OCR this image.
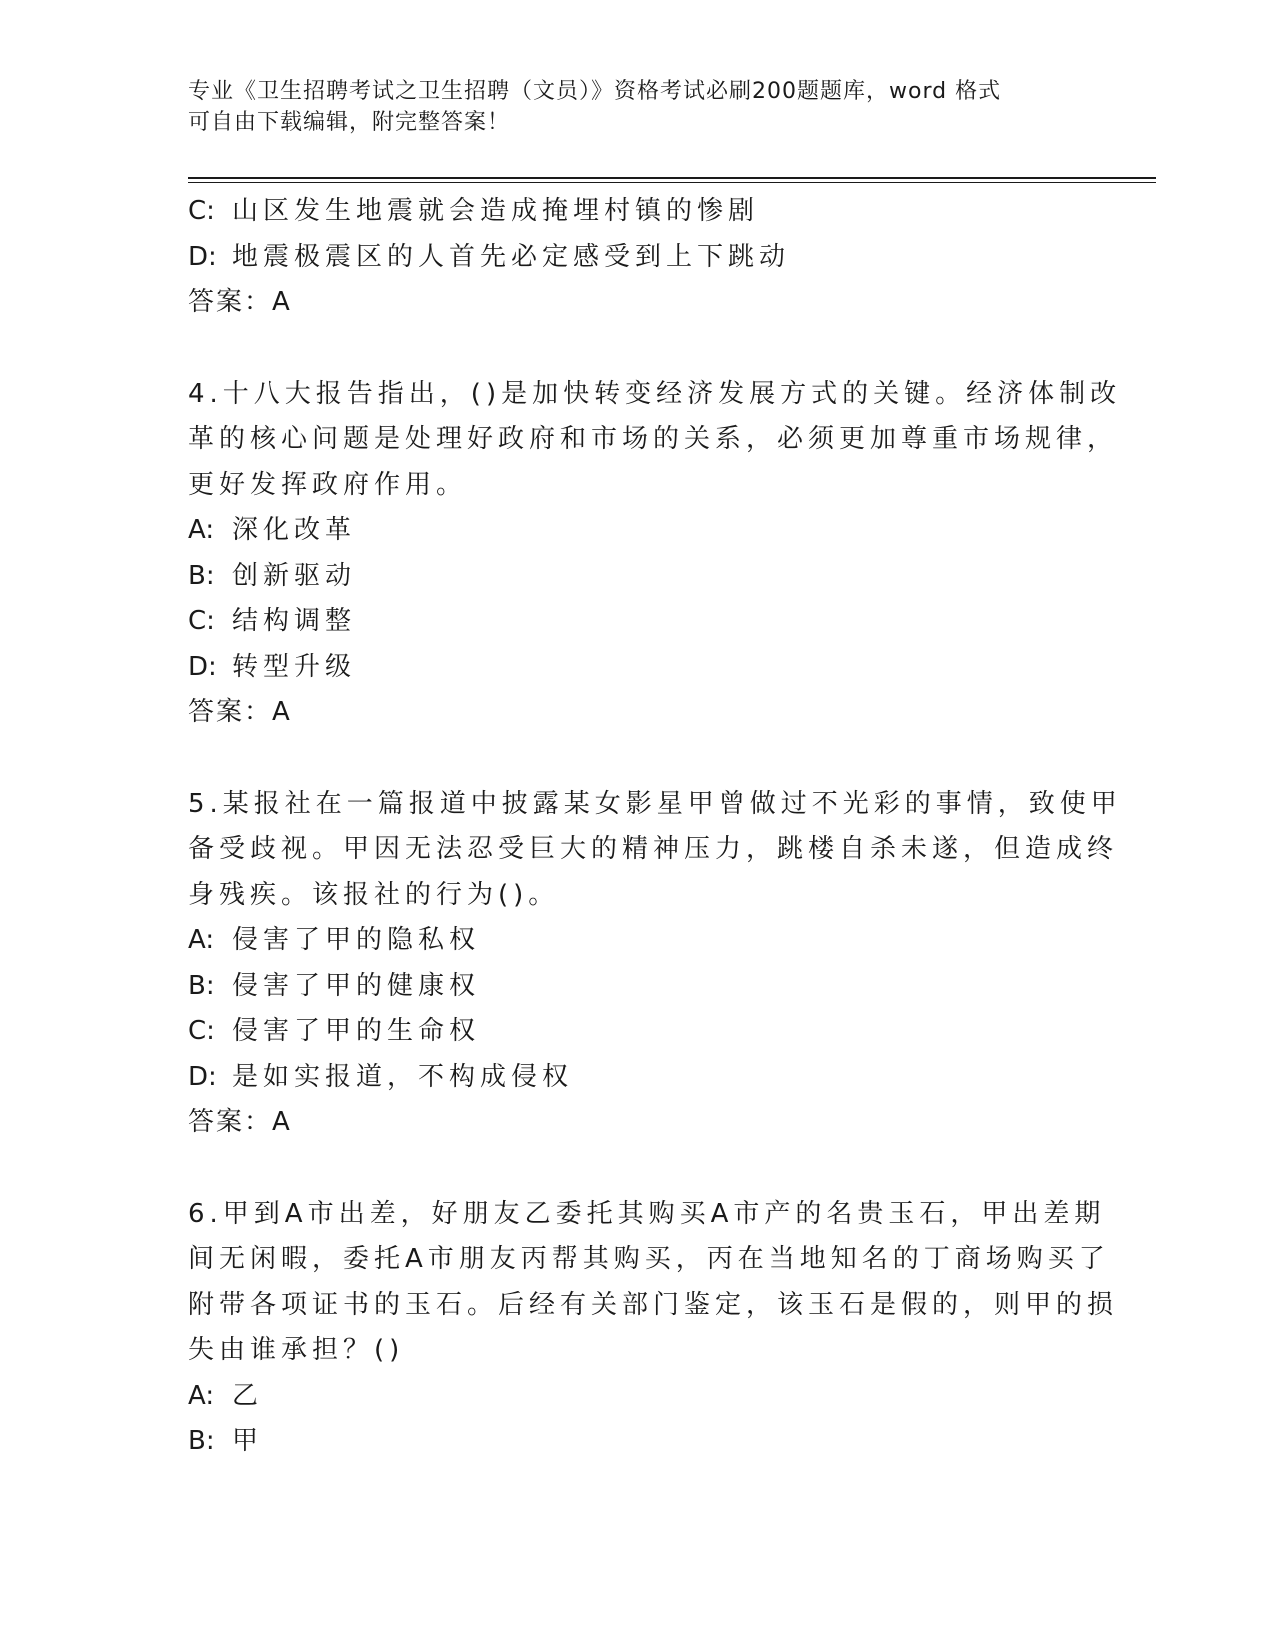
专业《卫生招聘考试之卫生招聘（文员）》资格考试必刷200题题库，word 格式
可自由下载编辑，附完整答案！
C: 山区发生地震就会造成掩埋村镇的惨剧
D: 地震极震区的人首先必定感受到上下跳动
答案：A
4.十八大报告指出，()是加快转变经济发展方式的关键。经济体制改
革的核心问题是处理好政府和市场的关系，必须更加尊重市场规律，
更好发挥政府作用。
A: 深化改革
B: 创新驱动
C: 结构调整
D: 转型升级
答案：A
5.某报社在一篇报道中披露某女影星甲曾做过不光彩的事情，致使甲
备受歧视。甲因无法忍受巨大的精神压力，跳楼自杀未遂，但造成终
身残疾。该报社的行为()。
A: 侵害了甲的隐私权
B: 侵害了甲的健康权
C: 侵害了甲的生命权
D: 是如实报道，不构成侵权
答案：A
6.甲到A市出差，好朋友乙委托其购买A市产的名贵玉石，甲出差期
间无闲暇，委托A市朋友丙帮其购买，丙在当地知名的丁商场购买了
附带各项证书的玉石。后经有关部门鉴定，该玉石是假的，则甲的损
失由谁承担？()
A: 乙
B: 甲
